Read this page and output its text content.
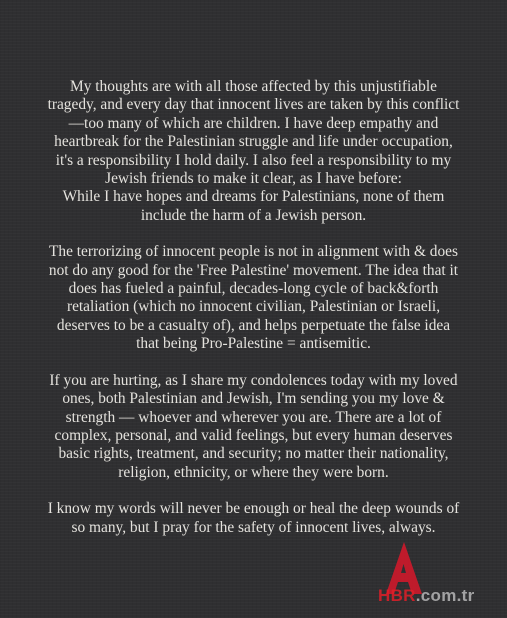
My thoughts are with all those affected by this unjustifiable
tragedy, and every day that innocent lives are taken by this conflict
—too many of which are children. I have deep empathy and
heartbreak for the Palestinian struggle and life under occupation,
it's a responsibility I hold daily. I also feel a responsibility to my
Jewish friends to make it clear, as I have before:
While I have hopes and dreams for Palestinians, none of them
include the harm of a Jewish person.

The terrorizing of innocent people is not in alignment with & does
not do any good for the 'Free Palestine' movement. The idea that it
does has fueled a painful, decades-long cycle of back&forth
retaliation (which no innocent civilian, Palestinian or Israeli,
deserves to be a casualty of), and helps perpetuate the false idea
that being Pro-Palestine = antisemitic.

If you are hurting, as I share my condolences today with my loved
ones, both Palestinian and Jewish, I'm sending you my love &
strength — whoever and wherever you are. There are a lot of
complex, personal, and valid feelings, but every human deserves
basic rights, treatment, and security; no matter their nationality,
religion, ethnicity, or where they were born.

I know my words will never be enough or heal the deep wounds of
so many, but I pray for the safety of innocent lives, always.

HBR.com.tr
